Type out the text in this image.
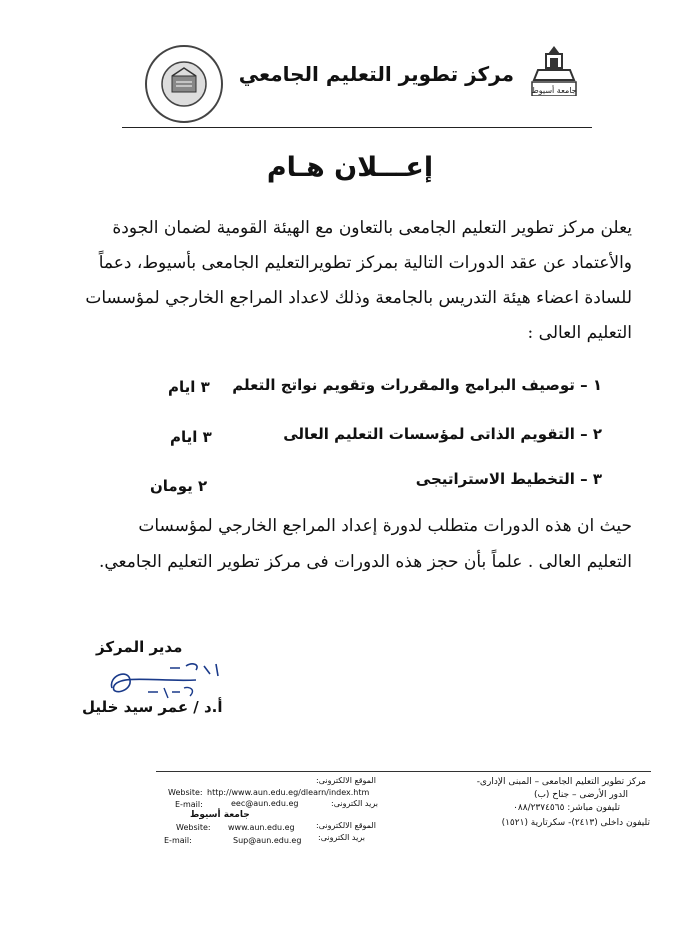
جامعة أسيوط
مركز تطوير التعليم الجامعي
إعـــلان هـام
يعلن مركز تطوير التعليم الجامعى بالتعاون مع الهيئة القومية لضمان الجودة
والأعتماد عن عقد الدورات التالية بمركز تطويرالتعليم الجامعى بأسيوط، دعماً
للسادة اعضاء هيئة التدريس بالجامعة وذلك لاعداد المراجع الخارجي لمؤسسات
التعليم العالى :
١ – توصيف البرامج والمقررات وتقويم نواتج التعلم
٣ ايام
٢ – التقويم الذاتى لمؤسسات التعليم العالى
٣ ايام
٣ – التخطيط الاستراتيجى
٢ يومان
حيث ان هذه الدورات متطلب لدورة إعداد المراجع الخارجي لمؤسسات
التعليم العالى . علماً بأن حجز هذه الدورات فى مركز تطوير التعليم الجامعي.
مدير المركز
أ.د / عمر سيد خليل
مركز تطوير التعليم الجامعى – المبنى الإدارى-
الدور الأرضى – جناح (ب)
تليفون مباشر: ٠٨٨/٢٣٧٤٥٦٥
تليفون داخلى (٢٤١٣)- سكرتارية (١٥٢١)
الموقع الالكترونى:
Website: http://www.aun.edu.eg/dlearn/index.htm
E-mail:	eec@aun.edu.eg	بريد الكترونى:
جامعة أسيوط
Website: www.aun.edu.eg	الموقع الالكترونى:
E-mail:	Sup@aun.edu.eg بريد الكترونى:
